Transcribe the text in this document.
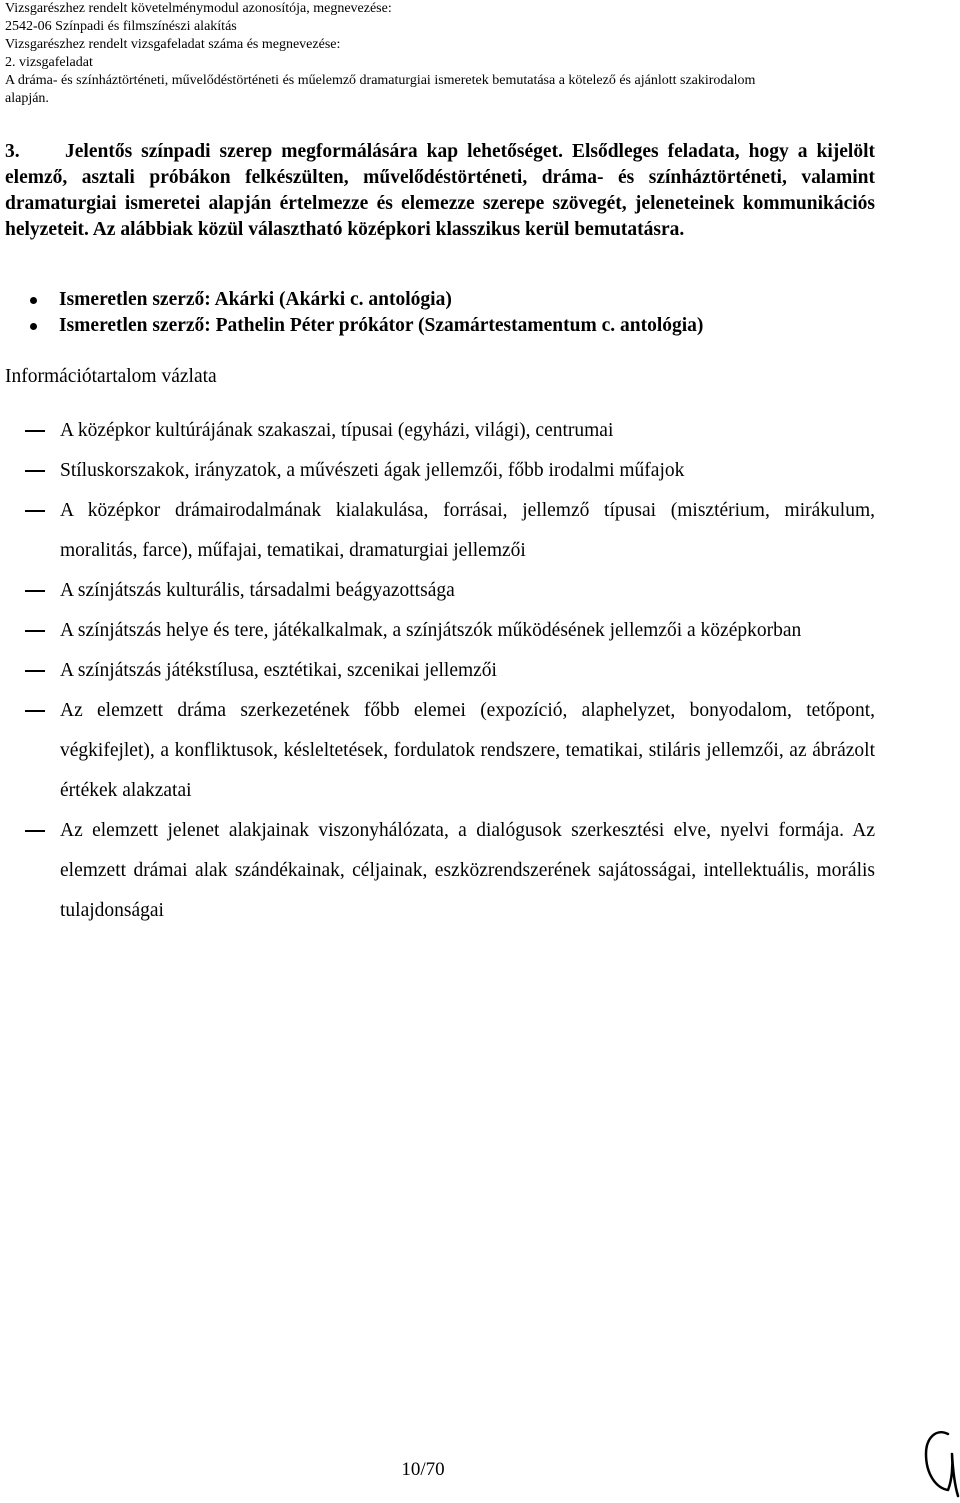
Vizsgarészhez rendelt követelménymodul azonosítója, megnevezése:
2542-06 Színpadi és filmszínészi alakítás
Vizsgarészhez rendelt vizsgafeladat száma és megnevezése:
2. vizsgafeladat
A dráma- és színháztörténeti, művelődéstörténeti és műelemző dramaturgiai ismeretek bemutatása a kötelező és ajánlott szakirodalom
alapján.
3. Jelentős színpadi szerep megformálására kap lehetőséget. Elsődleges feladata, hogy a kijelölt elemző, asztali próbákon felkészülten, művelődéstörténeti, dráma- és színháztörténeti, valamint dramaturgiai ismeretei alapján értelmezze és elemezze szerepe szövegét, jeleneteinek kommunikációs helyzeteit. Az alábbiak közül választható középkori klasszikus kerül bemutatásra.
Ismeretlen szerző: Akárki (Akárki c. antológia)
Ismeretlen szerző: Pathelin Péter prókátor (Szamártestamentum c. antológia)
Információtartalom vázlata
A középkor kultúrájának szakaszai, típusai (egyházi, világi), centrumai
Stíluskorszakok, irányzatok, a művészeti ágak jellemzői, főbb irodalmi műfajok
A középkor drámairodalmának kialakulása, forrásai, jellemző típusai (misztérium, mirákulum, moralitás, farce), műfajai, tematikai, dramaturgiai jellemzői
A színjátszás kulturális, társadalmi beágyazottsága
A színjátszás helye és tere, játékalkalmak, a színjátszók működésének jellemzői a középkorban
A színjátszás játékstílusa, esztétikai, szcenikai jellemzői
Az elemzett dráma szerkezetének főbb elemei (expozíció, alaphelyzet, bonyodalom, tetőpont, végkifejlet), a konfliktusok, késleltetések, fordulatok rendszere, tematikai, stiláris jellemzői, az ábrázolt értékek alakzatai
Az elemzett jelenet alakjainak viszonyhálózata, a dialógusok szerkesztési elve, nyelvi formája. Az elemzett drámai alak szándékainak, céljainak, eszközrendszerének sajátosságai, intellektuális, morális tulajdonságai
10/70
